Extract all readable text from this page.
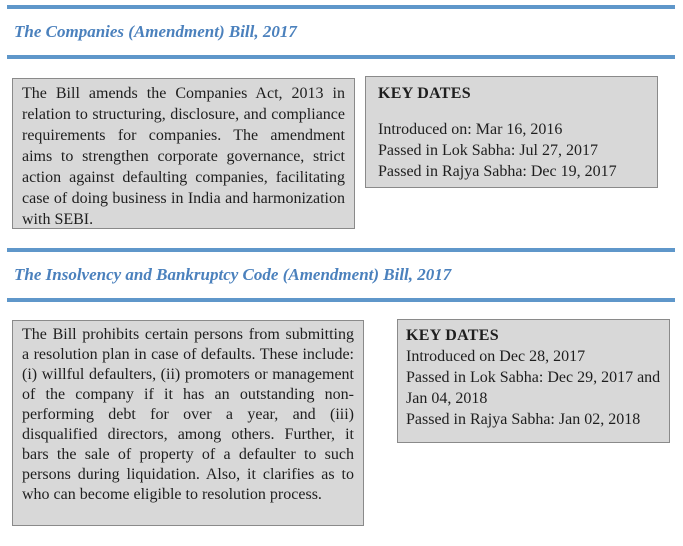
The Companies (Amendment) Bill, 2017
The Bill amends the Companies Act, 2013 in relation to structuring, disclosure, and compliance requirements for companies. The amendment aims to strengthen corporate governance, strict action against defaulting companies, facilitating case of doing business in India and harmonization with SEBI.
KEY DATES
Introduced on: Mar 16, 2016
Passed in Lok Sabha: Jul 27, 2017
Passed in Rajya Sabha: Dec 19, 2017
The Insolvency and Bankruptcy Code (Amendment) Bill, 2017
The Bill prohibits certain persons from submitting a resolution plan in case of defaults. These include: (i) willful defaulters, (ii) promoters or management of the company if it has an outstanding non-performing debt for over a year, and (iii) disqualified directors, among others. Further, it bars the sale of property of a defaulter to such persons during liquidation. Also, it clarifies as to who can become eligible to resolution process.
KEY DATES
Introduced on Dec 28, 2017
Passed in Lok Sabha: Dec 29, 2017 and Jan 04, 2018
Passed in Rajya Sabha: Jan 02, 2018
